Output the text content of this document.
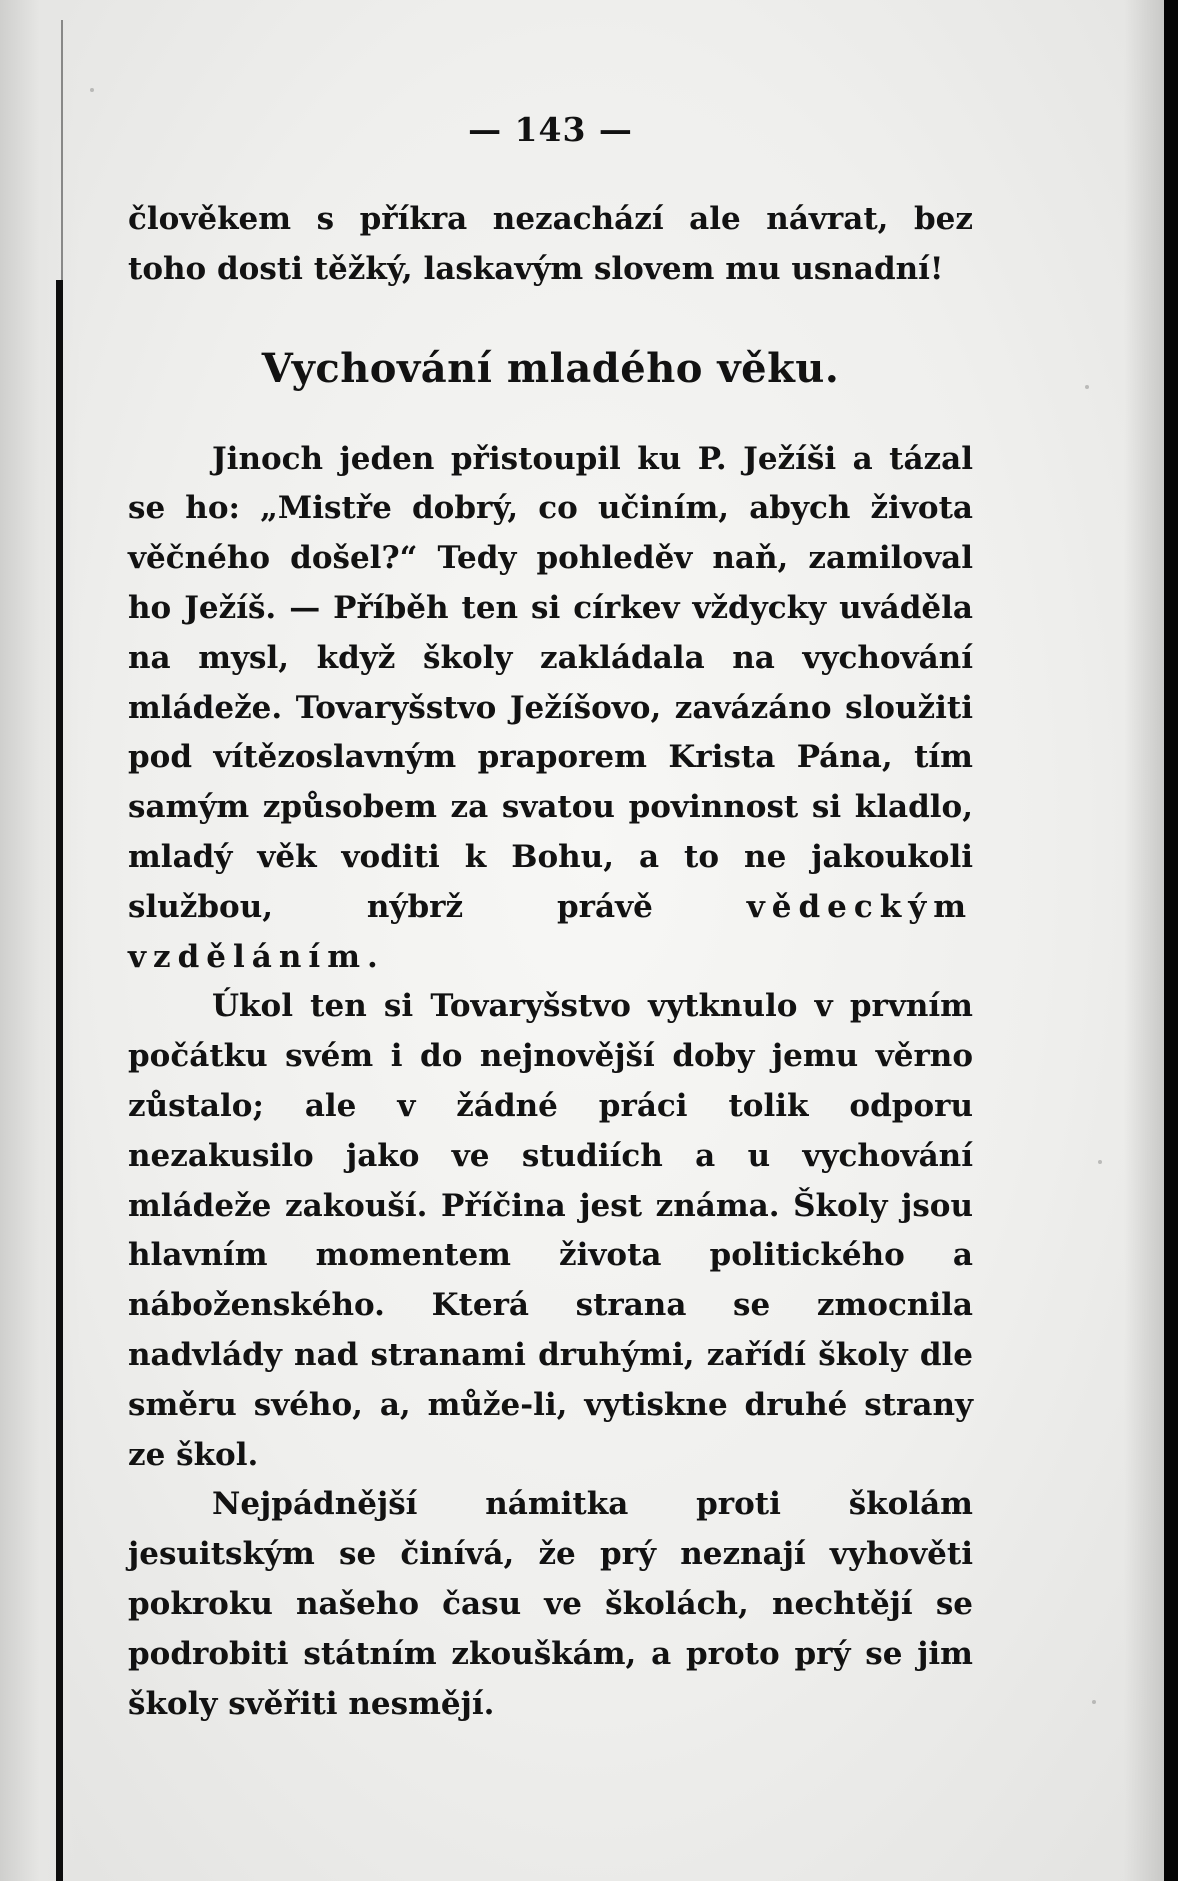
— 143 —

člověkem s příkra nezachází ale návrat, bez toho dosti těžký, laskavým slovem mu usnadní!

Vychování mladého věku.

Jinoch jeden přistoupil ku P. Ježíši a tázal se ho: „Mistře dobrý, co učiním, abych života věčného došel?“ Tedy pohleděv naň, zamiloval ho Ježíš. — Příběh ten si církev vždycky uváděla na mysl, když školy zakládala na vychování mládeže. Tovaryšstvo Ježíšovo, zavázáno sloužiti pod vítězoslavným praporem Krista Pána, tím samým způsobem za svatou povinnost si kladlo, mladý věk voditi k Bohu, a to ne jakoukoli službou, nýbrž právě	vědeckým vzděláním.

Úkol ten si Tovaryšstvo vytknulo v prvním počátku svém i do nejnovější doby jemu věrno zůstalo; ale v žádné práci tolik odporu nezakusilo jako ve studiích a u vychování mládeže zakouší. Příčina jest známa. Školy jsou hlavním momentem života politického a náboženského. Která strana se zmocnila nadvlády nad stranami druhými, zařídí školy dle směru svého, a, může-li, vytiskne druhé strany ze škol.

Nejpádnější námitka proti školám jesuitským se činívá, že prý neznají vyhověti pokroku našeho času ve školách, nechtějí se podrobiti státním zkouškám, a proto prý se jim školy svěřiti nesmějí.
